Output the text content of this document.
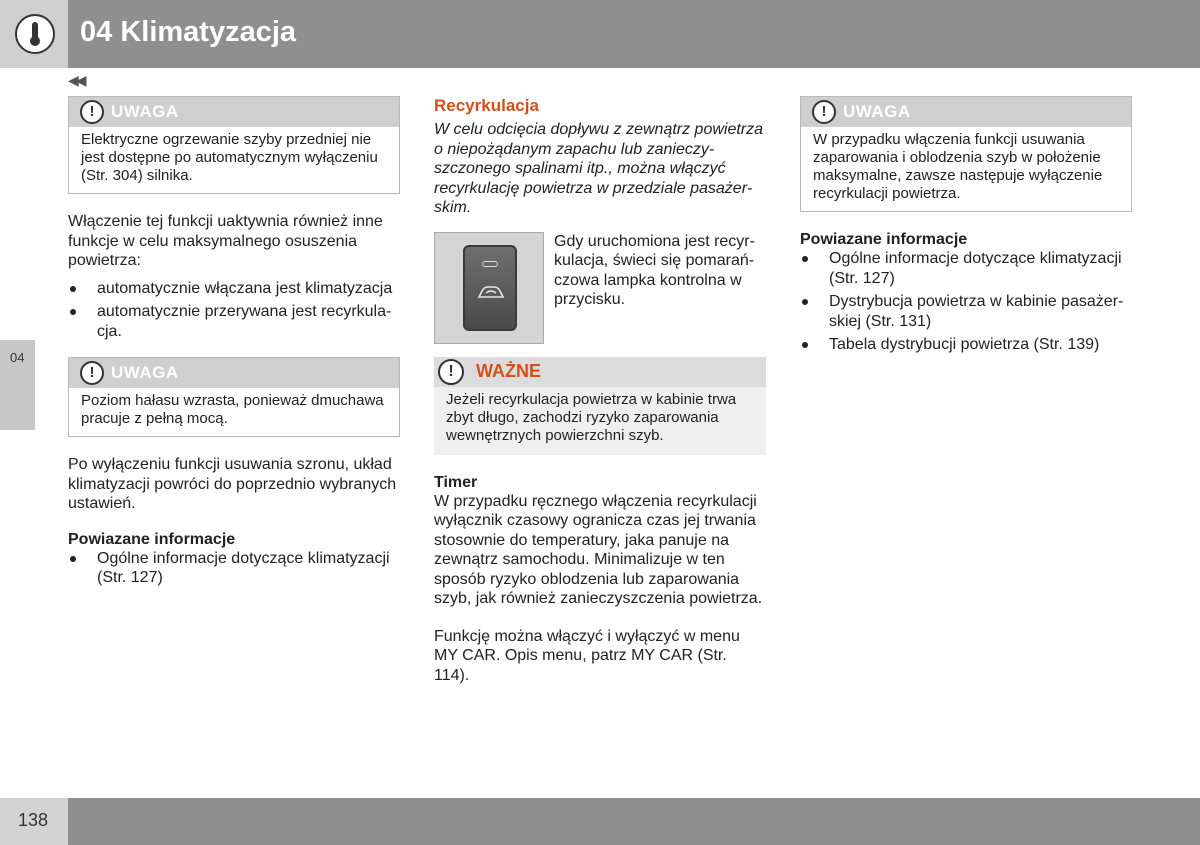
04 Klimatyzacja
◀◀
04
! UWAGA

Elektryczne ogrzewanie szyby przedniej nie jest dostępne po automatycznym wyłączeniu (Str. 304) silnika.

Włączenie tej funkcji uaktywnia również inne funkcje w celu maksymalnego osuszenia powietrza:

automatycznie włączana jest klimatyzacja
automatycznie przerywana jest recyrkulacja.
! UWAGA

Poziom hałasu wzrasta, ponieważ dmuchawa pracuje z pełną mocą.

Po wyłączeniu funkcji usuwania szronu, układ klimatyzacji powróci do poprzednio wybranych ustawień.

Powiazane informacje
Ogólne informacje dotyczące klimatyzacji (Str. 127)
Recyrkulacja

W celu odcięcia dopływu z zewnątrz powietrza o niepożądanym zapachu lub zanieczyszczonego spalinami itp., można włączyć recyrkulację powietrza w przedziale pasażerskim.

Gdy uruchomiona jest recyrkulacja, świeci się pomarańczowa lampka kontrolna w przycisku.

!	WAŻNE

Jeżeli recyrkulacja powietrza w kabinie trwa zbyt długo, zachodzi ryzyko zaparowania wewnętrznych powierzchni szyb.

Timer

W przypadku ręcznego włączenia recyrkulacji wyłącznik czasowy ogranicza czas jej trwania stosownie do temperatury, jaka panuje na zewnątrz samochodu. Minimalizuje w ten sposób ryzyko oblodzenia lub zaparowania szyb, jak również zanieczyszczenia powietrza.

Funkcję można włączyć i wyłączyć w menu MY CAR. Opis menu, patrz MY CAR (Str. 114).

! UWAGA

W przypadku włączenia funkcji usuwania zaparowania i oblodzenia szyb w położenie maksymalne, zawsze następuje wyłączenie recyrkulacji powietrza.

Powiazane informacje
Ogólne informacje dotyczące klimatyzacji (Str. 127)
Dystrybucja powietrza w kabinie pasażerskiej (Str. 131)
Tabela dystrybucji powietrza (Str. 139)
138
